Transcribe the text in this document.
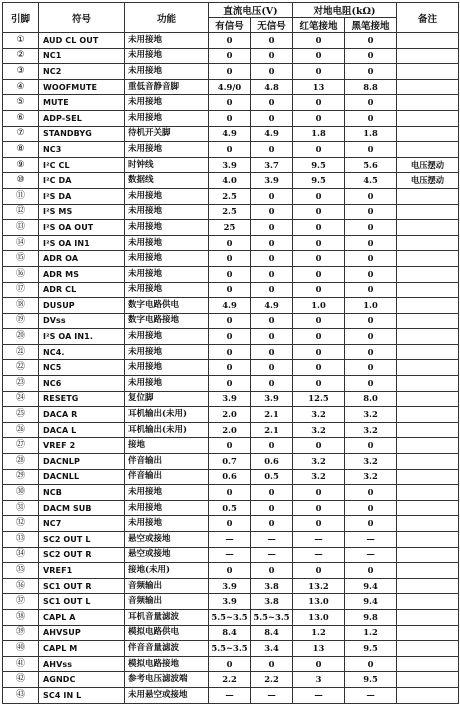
引脚	符号	功能	直流电压(V)		对地电阻(kΩ)		备注
			有信号	无信号	红笔接地	黑笔接地	
①	AUD CL OUT	未用接地	0	0	0	0	
②	NC1	未用接地	0	0	0	0	
③	NC2	未用接地	0	0	0	0	
④	WOOFMUTE	重低音静音脚	4.9/0	4.8	13	8.8	
⑤	MUTE	未用接地	0	0	0	0	
⑥	ADP-SEL	未用接地	0	0	0	0	
⑦	STANDBYG	待机开关脚	4.9	4.9	1.8	1.8	
⑧	NC3	未用接地	0	0	0	0	
⑨	I²C CL	时钟线	3.9	3.7	9.5	5.6	电压摆动
⑩	I²C DA	数据线	4.0	3.9	9.5	4.5	电压摆动
⑪	I²S DA	未用接地	2.5	0	0	0	
⑫	I²S MS	未用接地	2.5	0	0	0	
⑬	I²S OA OUT	未用接地	25	0	0	0	
⑭	I²S OA IN1	未用接地	0	0	0	0	
⑮	ADR OA	未用接地	0	0	0	0	
⑯	ADR MS	未用接地	0	0	0	0	
⑰	ADR CL	未用接地	0	0	0	0	
⑱	DUSUP	数字电路供电	4.9	4.9	1.0	1.0	
⑲	DVss	数字电路接地	0	0	0	0	
⑳	I²S OA IN1.	未用接地	0	0	0	0	
㉑	NC4.	未用接地	0	0	0	0	
㉒	NC5	未用接地	0	0	0	0	
㉓	NC6	未用接地	0	0	0	0	
㉔	RESETG	复位脚	3.9	3.9	12.5	8.0	
㉕	DACA R	耳机输出(未用)	2.0	2.1	3.2	3.2	
㉖	DACA L	耳机输出(未用)	2.0	2.1	3.2	3.2	
㉗	VREF 2	接地	0	0	0	0	
㉘	DACNLP	伴音输出	0.7	0.6	3.2	3.2	
㉙	DACNLL	伴音输出	0.6	0.5	3.2	3.2	
㉚	NCB	未用接地	0	0	0	0	
㉛	DACM SUB	未用接地	0.5	0	0	0	
㉜	NC7	未用接地	0	0	0	0	
㉝	SC2 OUT L	悬空或接地	—	—	—	—	
㉞	SC2 OUT R	悬空或接地	—	—	—	—	
㉟	VREF1	接地(未用)	0	0	0	0	
㊱	SC1 OUT R	音频输出	3.9	3.8	13.2	9.4	
㊲	SC1 OUT L	音频输出	3.9	3.8	13.0	9.4	
㊳	CAPL A	耳机音量滤波	5.5~3.5	5.5~3.5	13.0	9.8	
㊴	AHVSUP	模拟电路供电	8.4	8.4	1.2	1.2	
㊵	CAPL M	伴音音量滤波	5.5~3.5	3.4	13	9.5	
㊶	AHVss	模拟电路接地	0	0	0	0	
㊷	AGNDC	参考电压滤波端	2.2	2.2	3	9.5	
㊸	SC4 IN L	未用悬空或接地	—	—	—	—	
